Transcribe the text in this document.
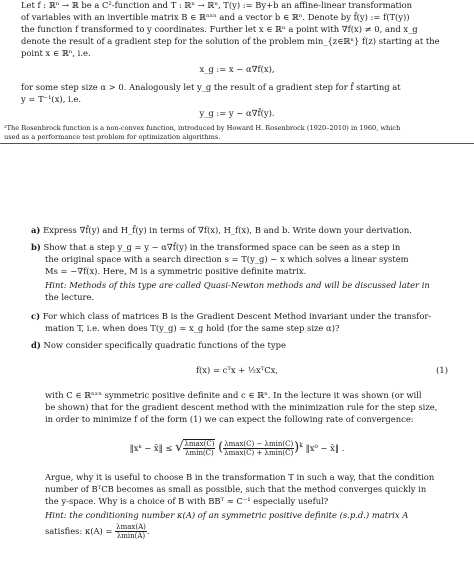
Let f : ℝⁿ → ℝ be a C²-function and T : ℝⁿ → ℝⁿ, T(y) := By+b an affine-linear transformation
of variables with an invertible matrix B ∈ ℝⁿˣⁿ and a vector b ∈ ℝⁿ. Denote by f̂(y) := f(T(y))
the function f transformed to y coordinates. Further let x ∈ ℝⁿ a point with ∇f(x) ≠ 0, and x_g
denote the result of a gradient step for the solution of the problem min_{z∈ℝⁿ} f(z) starting at the
point x ∈ ℝⁿ, i.e.
x_g := x − α∇f(x),
for some step size α > 0. Analogously let y_g the result of a gradient step for f̂ starting at
y = T⁻¹(x), i.e.
y_g := y − α∇f̂(y).
²The Rosenbrock function is a non-convex function, introduced by Howard H. Rosenbrock (1920–2010) in 1960, which
used as a performance test problem for optimization algorithms.
a) Express ∇f̂(y) and H_f̂(y) in terms of ∇f(x), H_f(x), B and b. Write down your derivation.
b) Show that a step y_g = y − α∇f̂(y) in the transformed space can be seen as a step in
the original space with a search direction s = T(y_g) − x which solves a linear system
Ms = −∇f(x). Here, M is a symmetric positive definite matrix.
Hint: Methods of this type are called Quasi-Newton methods and will be discussed later in
the lecture.
c) For which class of matrices B is the Gradient Descent Method invariant under the transfor-
mation T, i.e. when does T(y_g) = x_g hold (for the same step size α)?
d) Now consider specifically quadratic functions of the type
f(x) = cᵀx + ½xᵀCx,	(1)
with C ∈ ℝⁿˣⁿ symmetric positive definite and c ∈ ℝⁿ. In the lecture it was shown (or will
be shown) that for the gradient descent method with the minimization rule for the step size,
in order to minimize f of the form (1) we can expect the following rate of convergence:
‖xᵏ − x̄‖ ≤ √ $\frac{\lambda\max(C)}{\lambda\min(C)}$ ( $\frac{\lambda\max(C) - \lambda\min(C)}{\lambda\max(C) + \lambda\min(C)} )^k$ ‖x⁰ − x̄‖ .
Argue, why it is useful to choose B in the transformation T in such a way, that the condition
number of BᵀCB becomes as small as possible, such that the method converges quickly in
the y-space. Why is a choice of B with BBᵀ ≈ C⁻¹ especially useful?
Hint: the conditioning number κ(A) of an symmetric positive definite (s.p.d.) matrix A
satisfies: $\kappa(A) = \frac{\lambda\max(A)}{\lambda\min(A)}$ .
